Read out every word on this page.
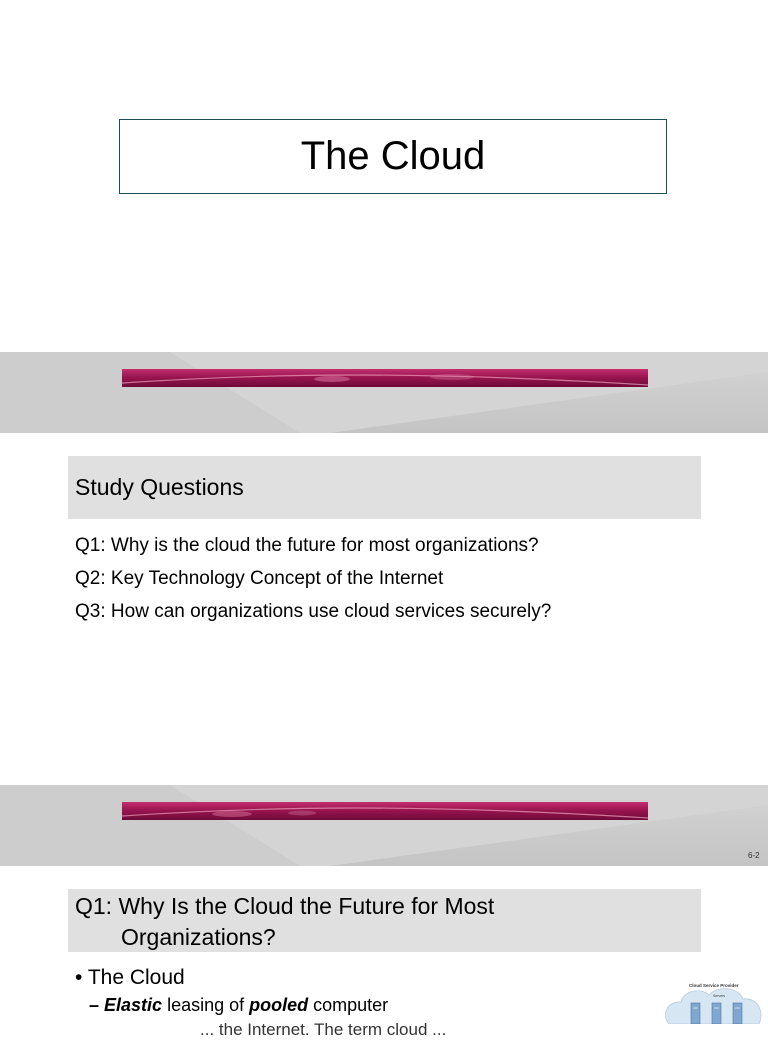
The Cloud
Study Questions
Q1: Why is the cloud the future for most organizations?
Q2: Key Technology Concept of the Internet
Q3: How can organizations use cloud services securely?
6-2
Q1: Why Is the Cloud the Future for Most
Organizations?
• The Cloud
– Elastic leasing of pooled computer
... the Internet. The term cloud ...
Cloud Service Provider
Servers
